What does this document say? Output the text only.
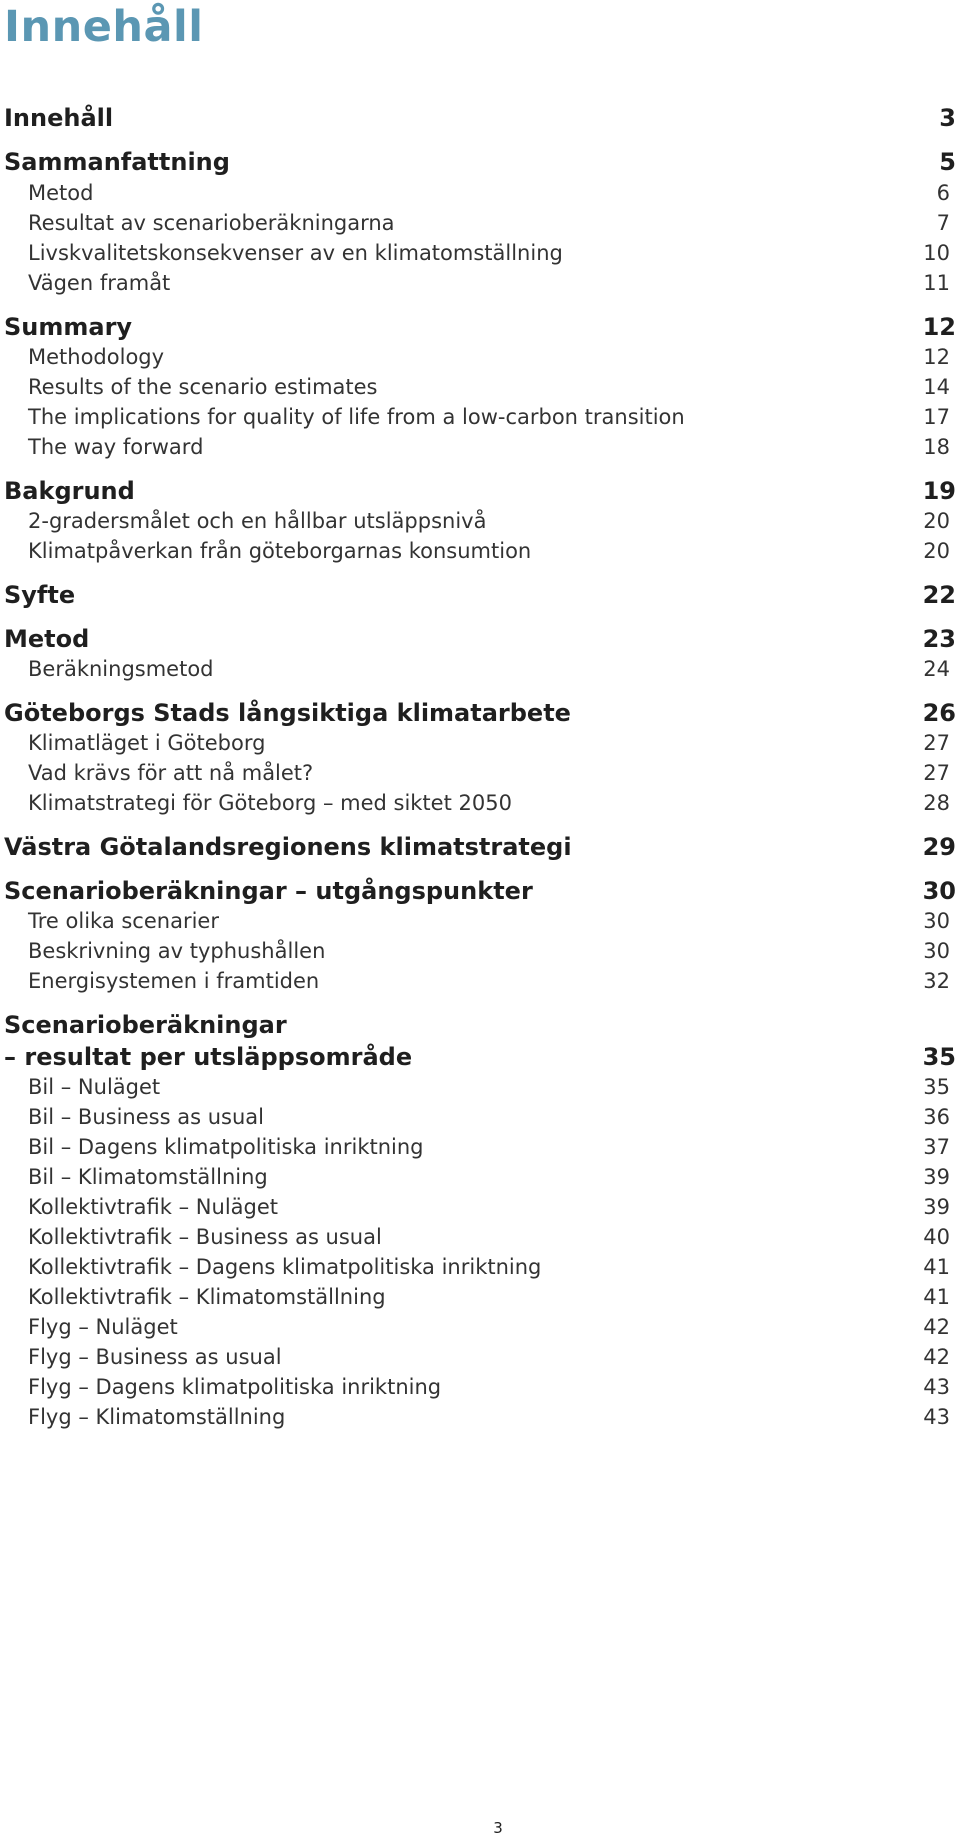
Innehåll
Innehåll	3
Sammanfattning	5
Metod	6
Resultat av scenarioberäkningarna	7
Livskvalitetskonsekvenser av en klimatomställning	10
Vägen framåt	11
Summary	12
Methodology	12
Results of the scenario estimates	14
The implications for quality of life from a low-carbon transition	17
The way forward	18
Bakgrund	19
2-gradersmålet och en hållbar utsläppsnivå	20
Klimatpåverkan från göteborgarnas konsumtion	20
Syfte	22
Metod	23
Beräkningsmetod	24
Göteborgs Stads långsiktiga klimatarbete	26
Klimatläget i Göteborg	27
Vad krävs för att nå målet?	27
Klimatstrategi för Göteborg – med siktet 2050	28
Västra Götalandsregionens klimatstrategi	29
Scenarioberäkningar – utgångspunkter	30
Tre olika scenarier	30
Beskrivning av typhushållen	30
Energisystemen i framtiden	32
Scenarioberäkningar
– resultat per utsläppsområde	35
Bil – Nuläget	35
Bil – Business as usual	36
Bil – Dagens klimatpolitiska inriktning	37
Bil – Klimatomställning	39
Kollektivtrafik – Nuläget	39
Kollektivtrafik – Business as usual	40
Kollektivtrafik – Dagens klimatpolitiska inriktning	41
Kollektivtrafik – Klimatomställning	41
Flyg – Nuläget	42
Flyg – Business as usual	42
Flyg – Dagens klimatpolitiska inriktning	43
Flyg – Klimatomställning	43
3
